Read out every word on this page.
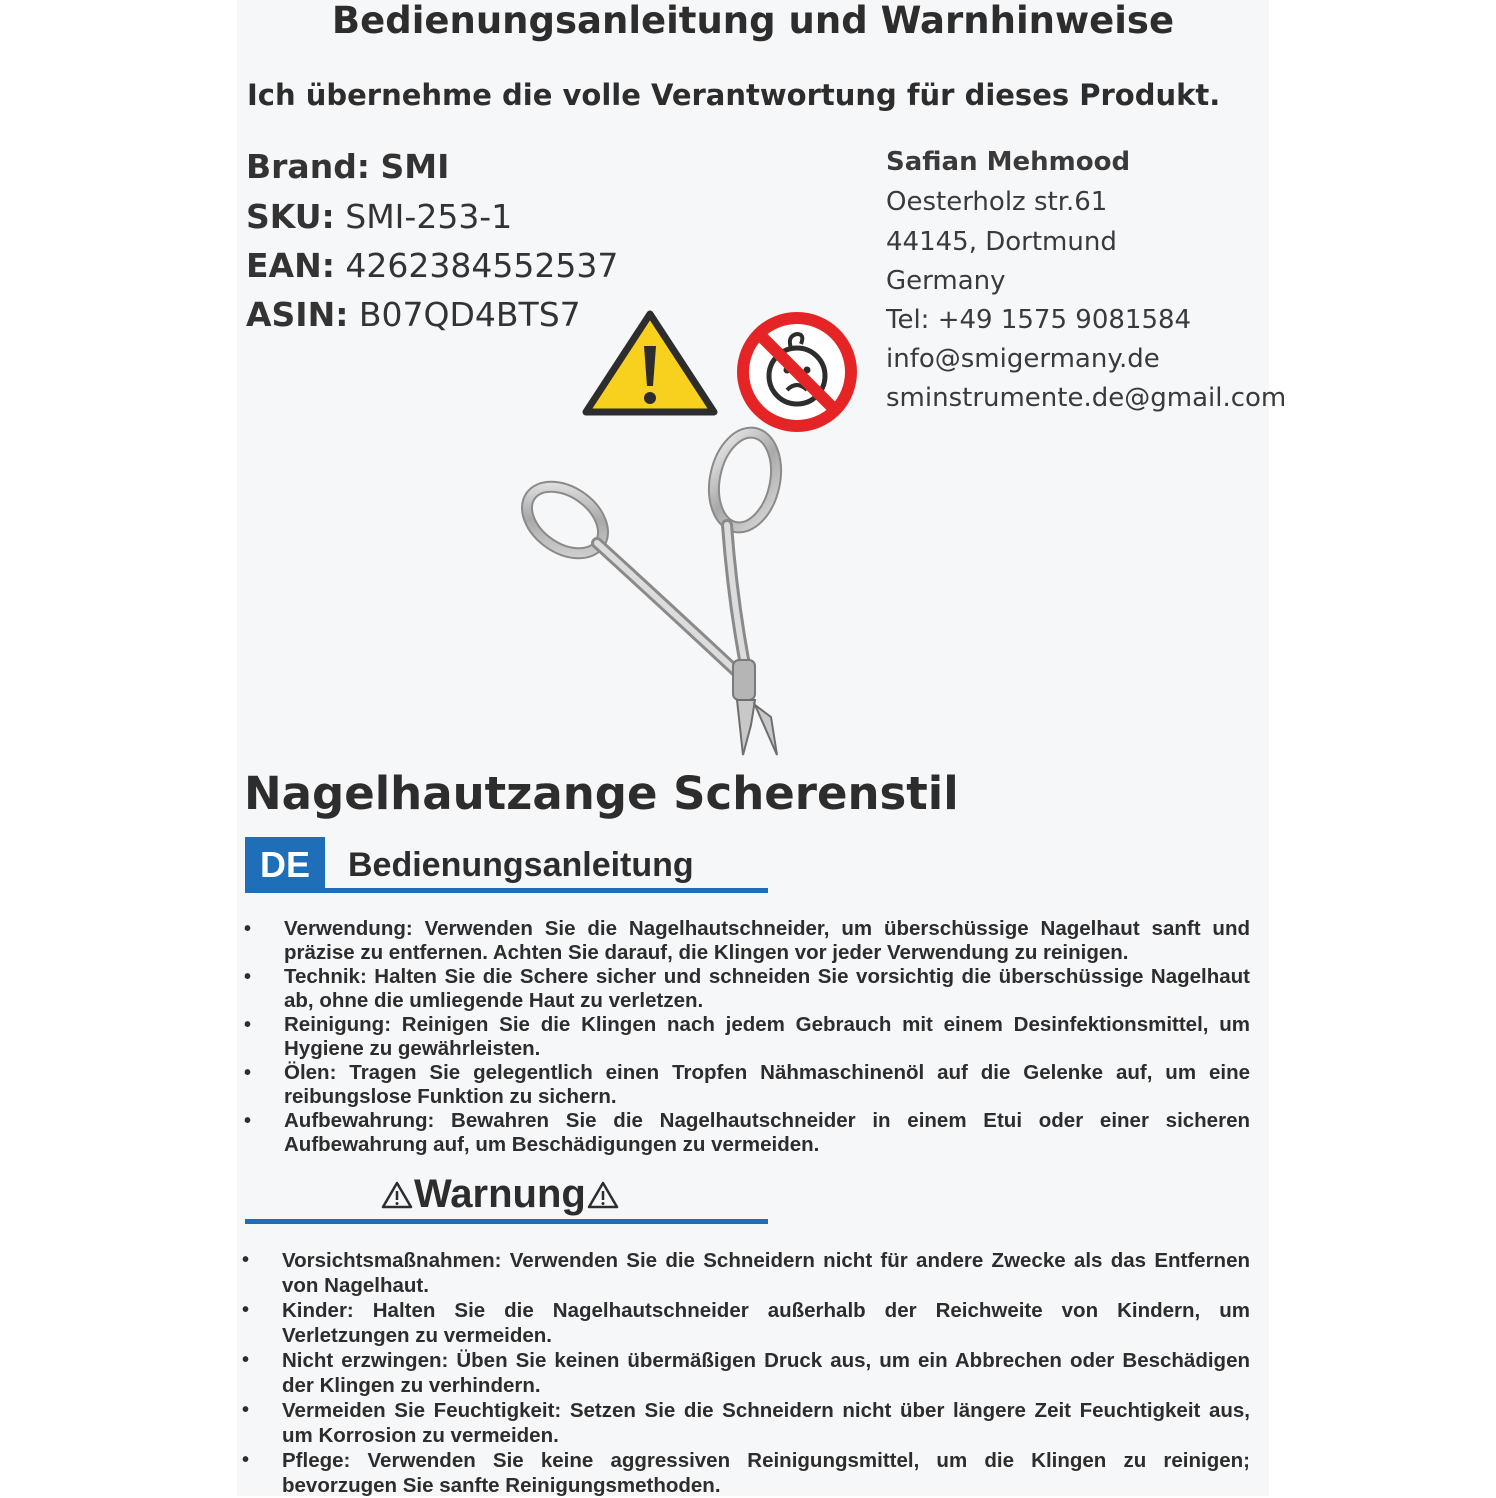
Bedienungsanleitung und Warnhinweise
Ich übernehme die volle Verantwortung für dieses Produkt.
Brand: SMI
SKU: SMI-253-1
EAN: 4262384552537
ASIN: B07QD4BTS7
Safian Mehmood
Oesterholz str.61
44145, Dortmund
Germany
Tel: +49 1575 9081584
info@smigermany.de
sminstrumente.de@gmail.com
Nagelhautzange Scherenstil
DE	Bedienungsanleitung
• Verwendung: Verwenden Sie die Nagelhautschneider, um überschüssige Nagelhaut sanft und präzise zu entfernen. Achten Sie darauf, die Klingen vor jeder Verwendung zu reinigen.
• Technik: Halten Sie die Schere sicher und schneiden Sie vorsichtig die überschüssige Nagelhaut ab, ohne die umliegende Haut zu verletzen.
• Reinigung: Reinigen Sie die Klingen nach jedem Gebrauch mit einem Desinfektionsmittel, um Hygiene zu gewährleisten.
• Ölen: Tragen Sie gelegentlich einen Tropfen Nähmaschinenöl auf die Gelenke auf, um eine reibungslose Funktion zu sichern.
• Aufbewahrung: Bewahren Sie die Nagelhautschneider in einem Etui oder einer sicheren Aufbewahrung auf, um Beschädigungen zu vermeiden.
Warnung
• Vorsichtsmaßnahmen: Verwenden Sie die Schneidern nicht für andere Zwecke als das Entfernen von Nagelhaut.
• Kinder: Halten Sie die Nagelhautschneider außerhalb der Reichweite von Kindern, um Verletzungen zu vermeiden.
• Nicht erzwingen: Üben Sie keinen übermäßigen Druck aus, um ein Abbrechen oder Beschädigen der Klingen zu verhindern.
• Vermeiden Sie Feuchtigkeit: Setzen Sie die Schneidern nicht über längere Zeit Feuchtigkeit aus, um Korrosion zu vermeiden.
• Pflege: Verwenden Sie keine aggressiven Reinigungsmittel, um die Klingen zu reinigen; bevorzugen Sie sanfte Reinigungsmethoden.
